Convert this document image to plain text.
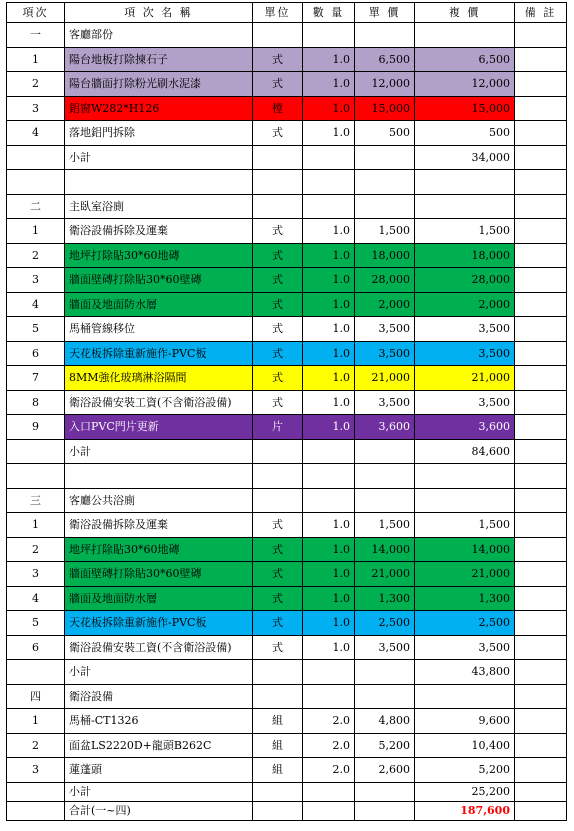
項次	項 次 名 稱	單位	數 量	單 價	複 價	備 註
一	客廳部份					
1	陽台地板打除揀石子	式	1.0	6,500	6,500	
2	陽台牆面打除粉光刷水泥漆	式	1.0	12,000	12,000	
3	鋁窗W282*H126	樘	1.0	15,000	15,000	
4	落地鋁門拆除	式	1.0	500	500	
	小計				34,000	

二	主臥室浴廁					
1	衛浴設備拆除及運棄	式	1.0	1,500	1,500	
2	地坪打除貼30*60地磚	式	1.0	18,000	18,000	
3	牆面壁磚打除貼30*60壁磚	式	1.0	28,000	28,000	
4	牆面及地面防水層	式	1.0	2,000	2,000	
5	馬桶管線移位	式	1.0	3,500	3,500	
6	天花板拆除重新施作-PVC板	式	1.0	3,500	3,500	
7	8MM強化玻璃淋浴隔間	式	1.0	21,000	21,000	
8	衛浴設備安裝工資(不含衛浴設備)	式	1.0	3,500	3,500	
9	入口PVC門片更新	片	1.0	3,600	3,600	
	小計				84,600	

三	客廳公共浴廁					
1	衛浴設備拆除及運棄	式	1.0	1,500	1,500	
2	地坪打除貼30*60地磚	式	1.0	14,000	14,000	
3	牆面壁磚打除貼30*60壁磚	式	1.0	21,000	21,000	
4	牆面及地面防水層	式	1.0	1,300	1,300	
5	天花板拆除重新施作-PVC板	式	1.0	2,500	2,500	
6	衛浴設備安裝工資(不含衛浴設備)	式	1.0	3,500	3,500	
	小計				43,800	
四	衛浴設備					
1	馬桶-CT1326	組	2.0	4,800	9,600	
2	面盆LS2220D+龍頭B262C	組	2.0	5,200	10,400	
3	蓮蓬頭	組	2.0	2,600	5,200	
	小計				25,200	
	合計(一~四)				187,600	
